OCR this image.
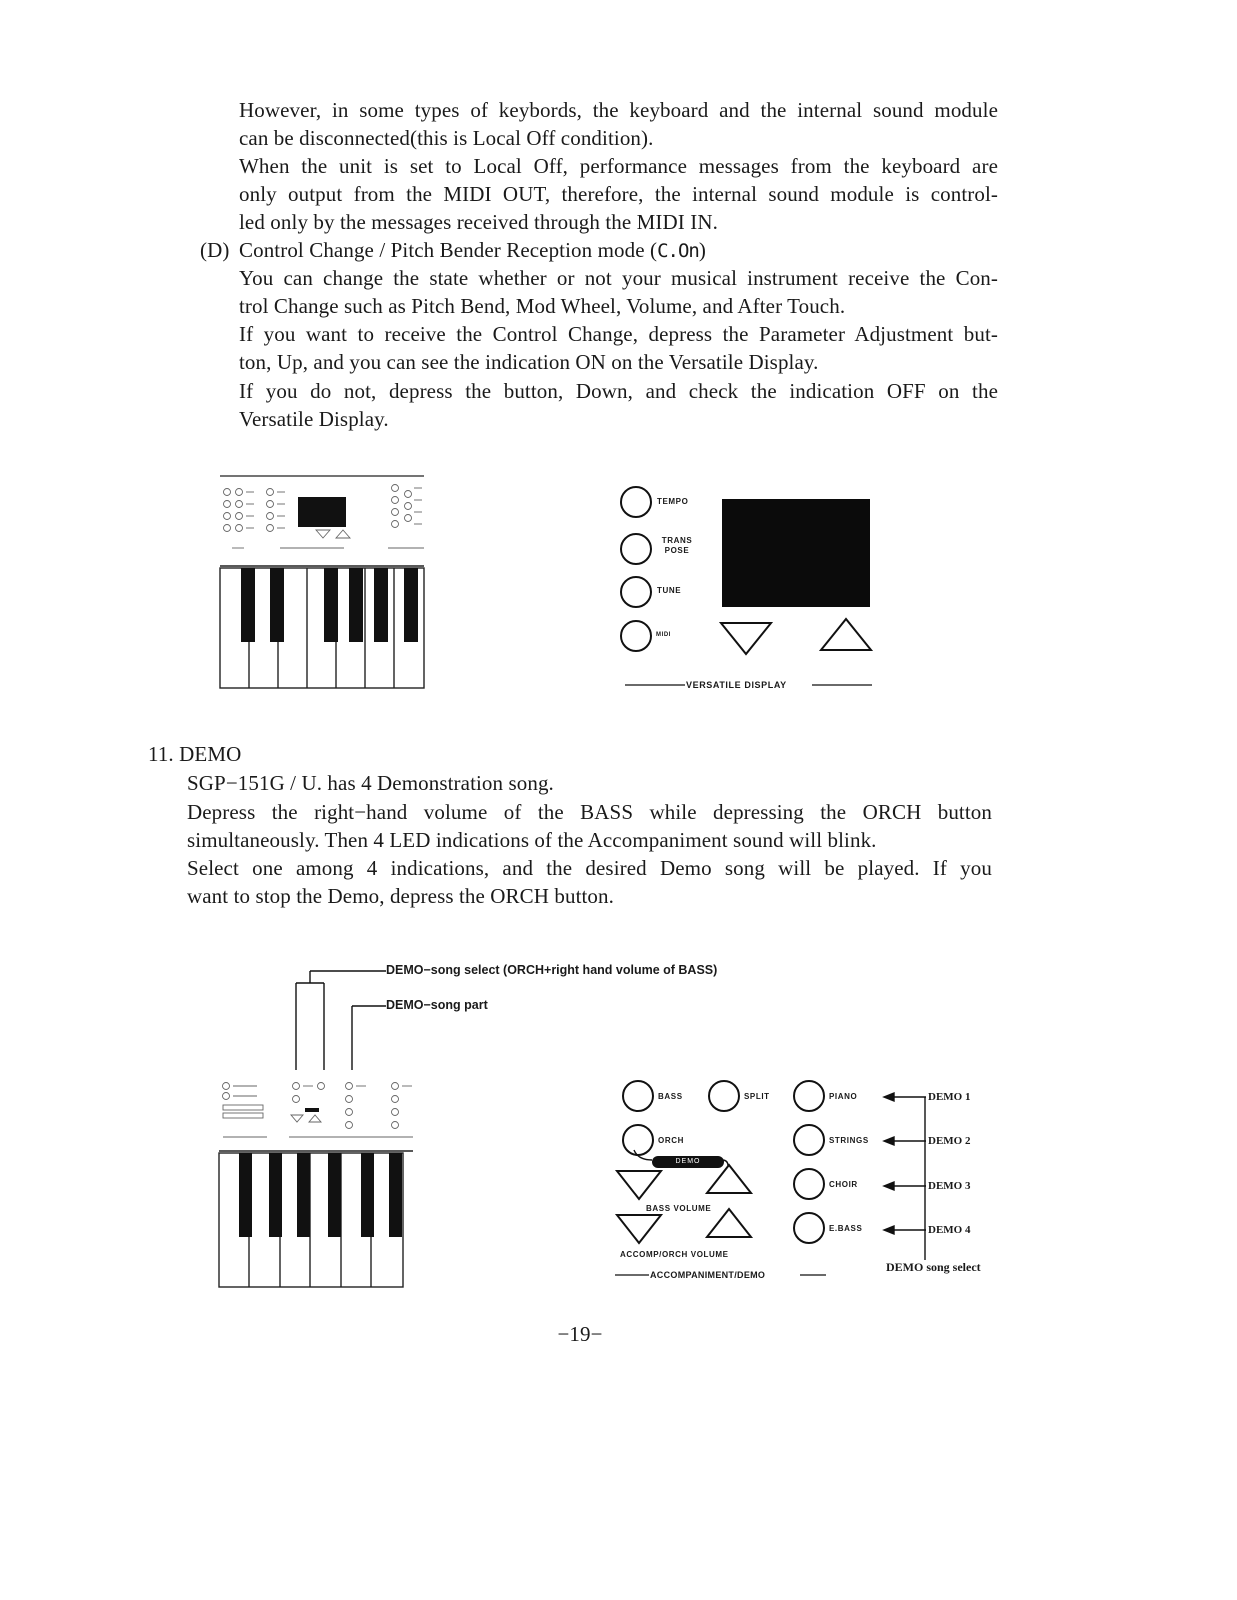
However, in some types of keybords, the keyboard and the internal sound module
can be disconnected(this is Local Off condition).
When the unit is set to Local Off, performance messages from the keyboard are
only output from the MIDI OUT, therefore, the internal sound module is control-
led only by the messages received through the MIDI IN.
(D) Control Change / Pitch Bender Reception mode (C.On)
You can change the state whether or not your musical instrument receive the Con-
trol Change such as Pitch Bend, Mod Wheel, Volume, and After Touch.
If you want to receive the Control Change, depress the Parameter Adjustment but-
ton, Up, and you can see the indication ON on the Versatile Display.
If you do not, depress the button, Down, and check the indication OFF on the
Versatile Display.
TEMPO
TRANS POSE
TUNE
MIDI
VERSATILE DISPLAY
11. DEMO
SGP−151G / U. has 4 Demonstration song.
Depress the right−hand volume of the BASS while depressing the ORCH button
simultaneously. Then 4 LED indications of the Accompaniment sound will blink.
Select one among 4 indications, and the desired Demo song will be played. If you
want to stop the Demo, depress the ORCH button.
DEMO−song select (ORCH+right hand volume of BASS)
DEMO−song part
BASS	SPLIT	PIANO
ORCH	STRINGS
DEMO
CHOIR
BASS VOLUME
E.BASS
ACCOMP/ORCH VOLUME
ACCOMPANIMENT/DEMO
DEMO 1
DEMO 2
DEMO 3
DEMO 4
DEMO song select
−19−
